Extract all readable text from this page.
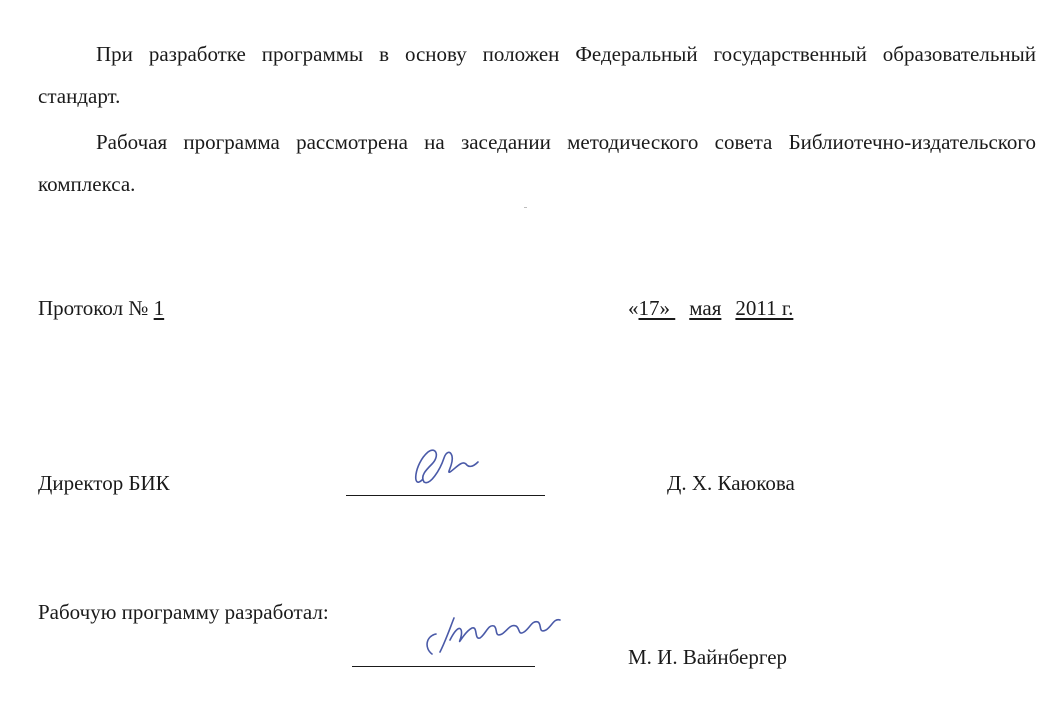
При разработке программы в основу положен Федеральный государственный образовательный стандарт.
Рабочая программа рассмотрена на заседании методического совета Библиотечно-издательского комплекса.
Протокол № 1	«17» мая 2011 г.
Директор БИК	Д. Х. Каюкова
Рабочую программу разработал:
М. И. Вайнбергер
